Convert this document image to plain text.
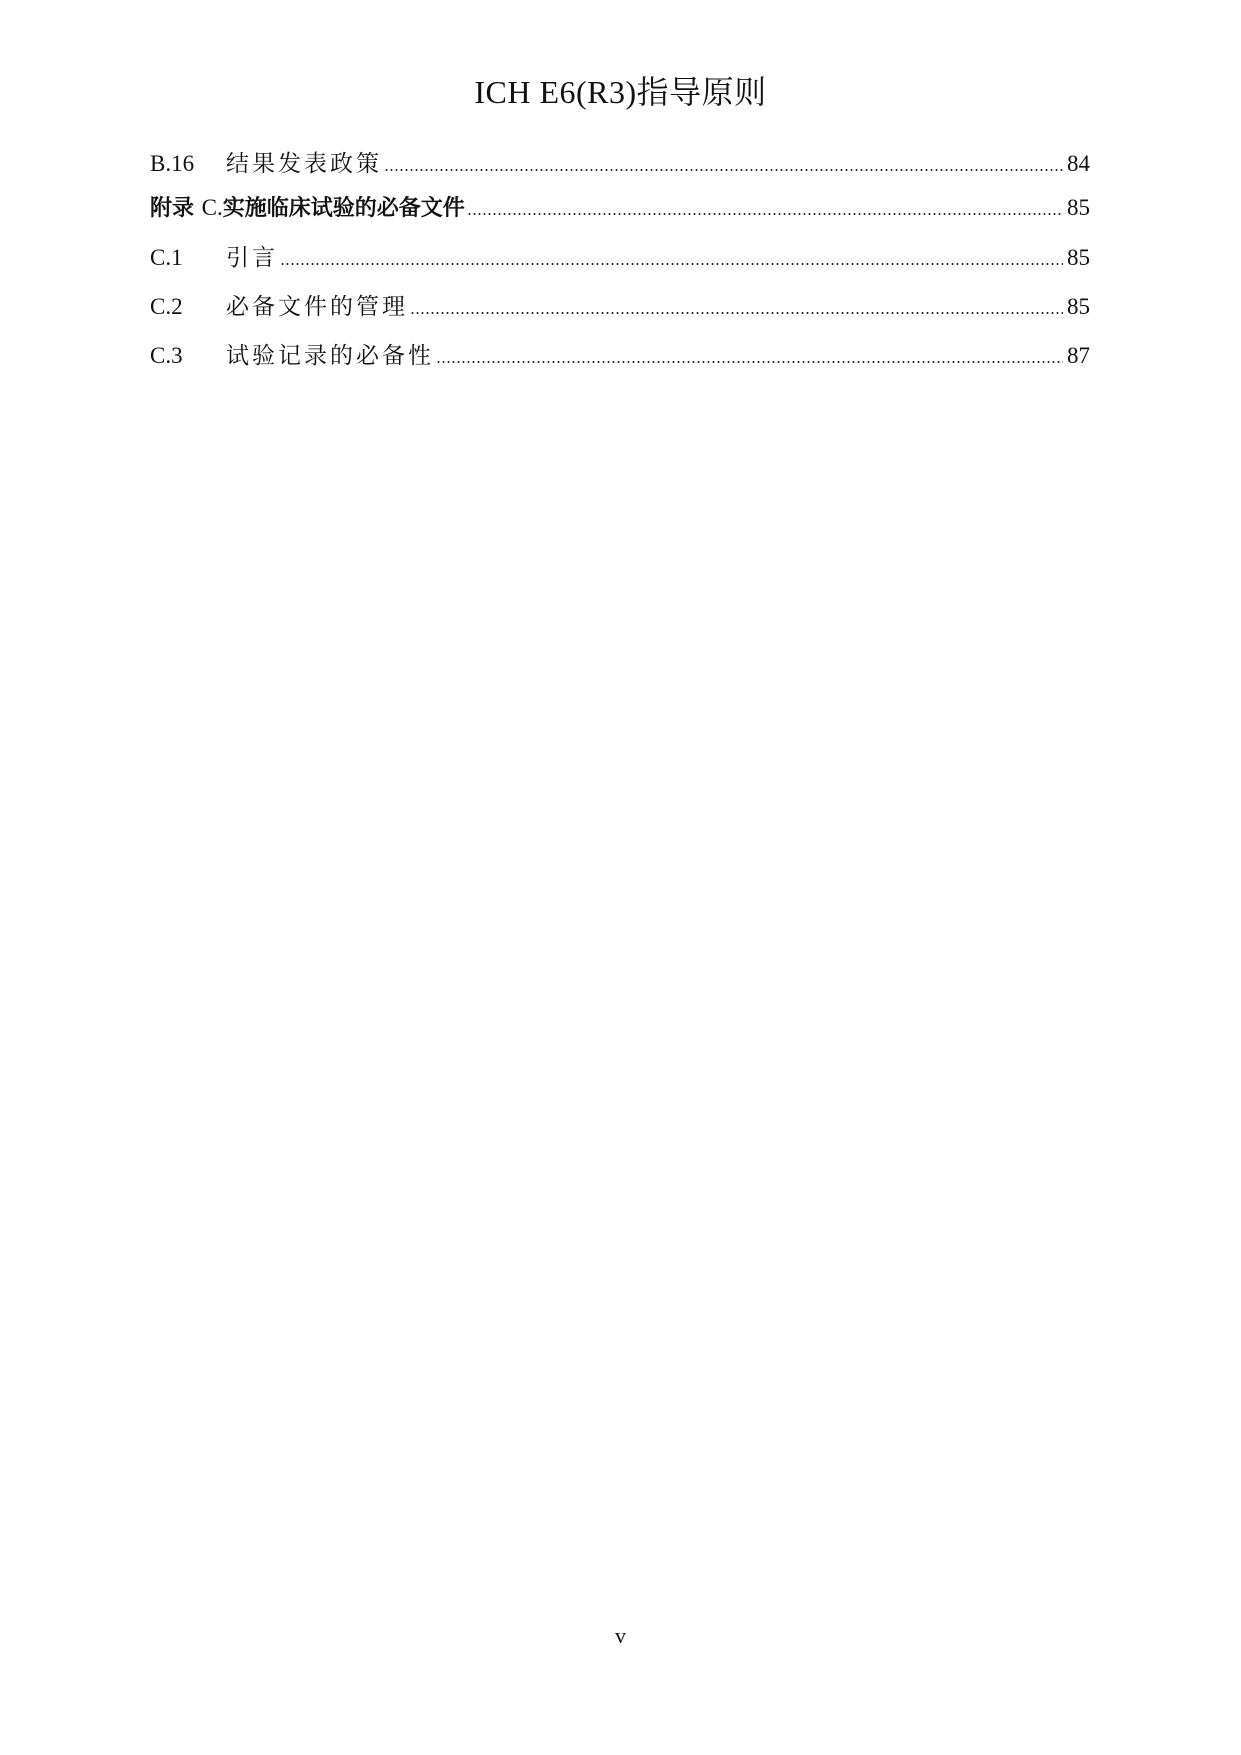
ICH E6(R3)指导原则
B.16	结果发表政策	84
附录 C.实施临床试验的必备文件	85
C.1	引言	85
C.2	必备文件的管理	85
C.3	试验记录的必备性	87
v
